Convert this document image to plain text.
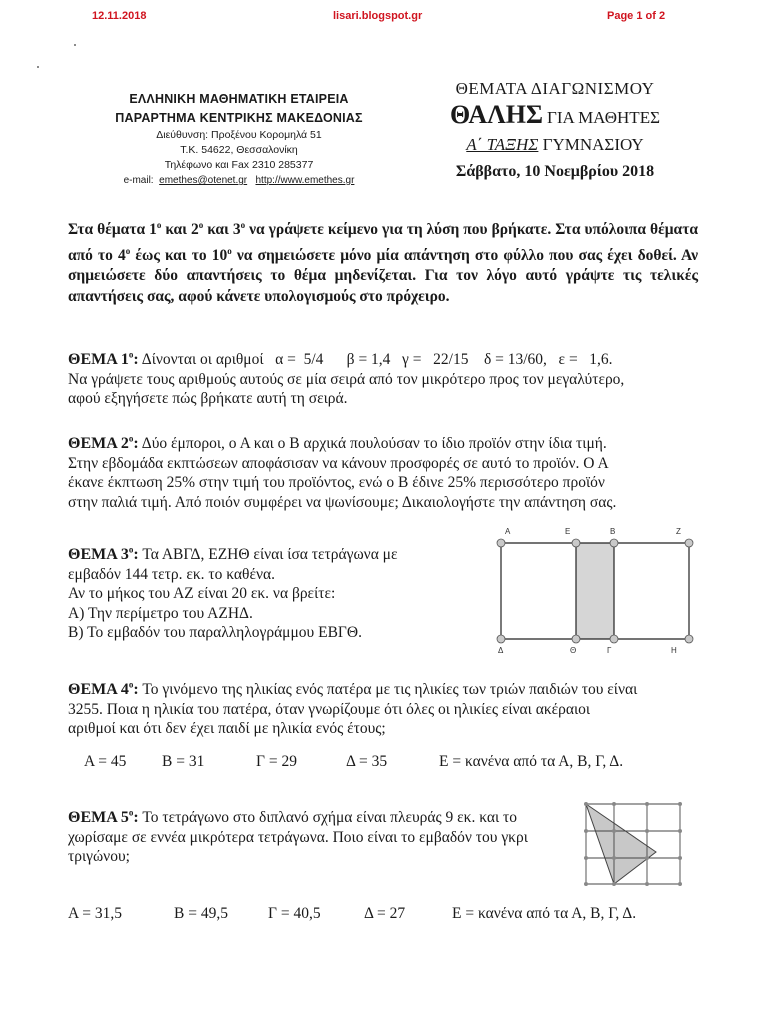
12.11.2018	lisari.blogspot.gr	Page 1 of 2
ΕΛΛΗΝΙΚΗ ΜΑΘΗΜΑΤΙΚΗ ΕΤΑΙΡΕΙΑ
ΠΑΡΑΡΤΗΜΑ ΚΕΝΤΡΙΚΗΣ ΜΑΚΕΔΟΝΙΑΣ
Διεύθυνση: Προξένου Κορομηλά 51
Τ.Κ. 54622, Θεσσαλονίκη
Τηλέφωνο και Fax 2310 285377
e-mail: emethes@otenet.gr http://www.emethes.gr
ΘΕΜΑΤΑ ΔΙΑΓΩΝΙΣΜΟΥ
ΘΑΛΗΣ ΓΙΑ ΜΑΘΗΤΕΣ
Α΄ ΤΑΞΗΣ ΓΥΜΝΑΣΙΟΥ
Σάββατο, 10 Νοεμβρίου 2018
Στα θέματα $1^o$ και $2^o$ και $3^o$ να γράψετε κείμενο για τη λύση που βρήκατε. Στα υπόλοιπα θέματα από το $4^o$ έως και το $10^o$ να σημειώσετε μόνο μία απάντηση στο φύλλο που σας έχει δοθεί. Αν σημειώσετε δύο απαντήσεις το θέμα μηδενίζεται. Για τον λόγο αυτό γράψτε τις τελικές απαντήσεις σας, αφού κάνετε υπολογισμούς στο πρόχειρο.
ΘΕΜΑ $1^o$: Δίνονται οι αριθμοί   α =  5/4      β = 1,4   γ =   22/15    δ = 13/60,   ε =   1,6.
Να γράψετε τους αριθμούς αυτούς σε μία σειρά από τον μικρότερο προς τον μεγαλύτερο,
αφού εξηγήσετε πώς βρήκατε αυτή τη σειρά.
ΘΕΜΑ $2^o$: Δύο έμποροι, ο Α και ο Β αρχικά πουλούσαν το ίδιο προϊόν στην ίδια τιμή.
Στην εβδομάδα εκπτώσεων αποφάσισαν να κάνουν προσφορές σε αυτό το προϊόν. Ο Α
έκανε έκπτωση 25% στην τιμή του προϊόντος, ενώ ο Β έδινε 25% περισσότερο προϊόν
στην παλιά τιμή. Από ποιόν συμφέρει να ψωνίσουμε; Δικαιολογήστε την απάντηση σας.
ΘΕΜΑ $3^o$: Τα ΑΒΓΔ, ΕΖΗΘ είναι ίσα τετράγωνα με
εμβαδόν 144 τετρ. εκ. το καθένα.
Αν το μήκος του ΑΖ είναι 20 εκ. να βρείτε:
Α) Την περίμετρο του ΑΖΗΔ.
Β) Το εμβαδόν του παραλληλογράμμου ΕΒΓΘ.
Α	Ε	Β	Ζ
Δ	Θ	Γ	Η
ΘΕΜΑ $4^o$: Το γινόμενο της ηλικίας ενός πατέρα με τις ηλικίες των τριών παιδιών του είναι
3255. Ποια η ηλικία του πατέρα, όταν γνωρίζουμε ότι όλες οι ηλικίες είναι ακέραιοι
αριθμοί και ότι δεν έχει παιδί με ηλικία ενός έτους;
Α = 45 Β = 31	Γ = 29	Δ = 35	Ε = κανένα από τα Α, Β, Γ, Δ.
ΘΕΜΑ $5^o$: Το τετράγωνο στο διπλανό σχήμα είναι πλευράς 9 εκ. και το
χωρίσαμε σε εννέα μικρότερα τετράγωνα. Ποιο είναι το εμβαδόν του γκρι
τριγώνου;
Α = 31,5	Β = 49,5	Γ = 40,5	Δ = 27	Ε = κανένα από τα Α, Β, Γ, Δ.
